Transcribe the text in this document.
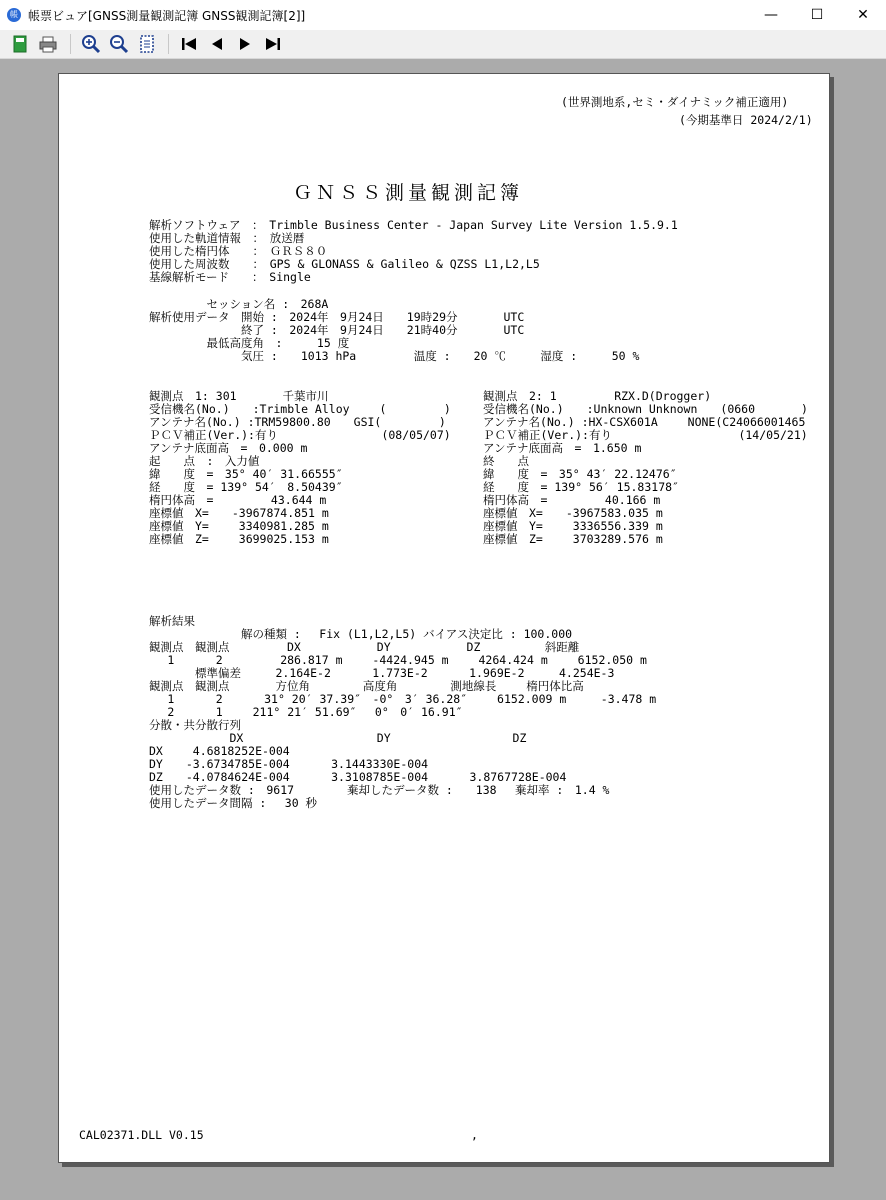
帳 帳票ビュア[GNSS測量観測記簿 GNSS観測記簿[2]]	—	☐	✕
(世界測地系,セミ・ダイナミック補正適用)
(今期基準日 2024/2/1)
ＧＮＳＳ測量観測記簿
解析ソフトウェア　：　Trimble Business Center - Japan Survey Lite Version 1.5.9.1
使用した軌道情報　：　放送暦
使用した楕円体　　：　ＧＲＳ８０
使用した周波数　　：　GPS & GLONASS & Galileo & QZSS L1,L2,L5
基線解析モード　　：　Single
　　　　　セッション名 :　268A
解析使用データ　開始 :　2024年　9月24日　　19時29分　　　　UTC
　　　　　　　　終了 :　2024年　9月24日　　21時40分　　　　UTC
　　　　　最低高度角　:　　　15 度
　　　　　　　　気圧 :　　1013 hPa　　　　　温度 :　　20 ℃　　　湿度 :　　　50 %
観測点　1: 301　　　　千葉市川
受信機名(No.)　　:Trimble Alloy　　 (　　　　　)
アンテナ名(No.) :TRM59800.80　　GSI(　　　　　)
ＰＣＶ補正(Ver.):有り　　　　　　　　　(08/05/07)
アンテナ底面高　=　0.000 m
起　　点　:　入力値
緯　　度　=　35° 40′ 31.66555″
経　　度　= 139° 54′　8.50439″
楕円体高　=　　　　　43.644 m
座標値　X=　　-3967874.851 m
座標値　Y=　　 3340981.285 m
座標値　Z=　　 3699025.153 m
観測点　2: 1　　　　　RZX.D(Drogger)
受信機名(No.)　　:Unknown Unknown　　(0660　　　　)
アンテナ名(No.) :HX-CSX601A　　 NONE(C24066001465
ＰＣＶ補正(Ver.):有り　　　　　　　　　　　(14/05/21)
アンテナ底面高　=　1.650 m
終　　点
緯　　度　=　35° 43′ 22.12476″
経　　度　= 139° 56′ 15.83178″
楕円体高　=　　　　　40.166 m
座標値　X=　　-3967583.035 m
座標値　Y=　　 3336556.339 m
座標値　Z=　　 3703289.576 m
解析結果
　　　　　　　　解の種類 :　 Fix (L1,L2,L5) バイアス決定比 : 100.000
観測点　観測点　　　　　DX　　　　　　 DY　　　　　　 DZ　　　　　 斜距離
　 1　　　 2　　　　　286.817 m　　 -4424.945 m　　 4264.424 m　　 6152.050 m
　　　　標準偏差　　　2.164E-2　　　 1.773E-2　　　 1.969E-2　　　4.254E-3
観測点　観測点　　　　方位角　　　　 高度角　　　　 測地線長　　 楕円体比高
　 1　　　 2　　　 31° 20′ 37.39″　-0°　3′ 36.28″　　 6152.009 m　　　-3.478 m
　 2　　　 1　　 211° 21′ 51.69″　 0°　0′ 16.91″
分散・共分散行列
　　　　　　　DX　　　　　　　　　　　 DY　　　　　　　　　　 DZ
DX　　 4.6818252E-004
DY　　-3.6734785E-004　　　 3.1443330E-004
DZ　　-4.0784624E-004　　　 3.3108785E-004　　　 3.8767728E-004
使用したデータ数 :　9617　　　　 棄却したデータ数 :　　138　 棄却率 :　1.4 %
使用したデータ間隔 :　 30 秒
CAL02371.DLL V0.15	,
